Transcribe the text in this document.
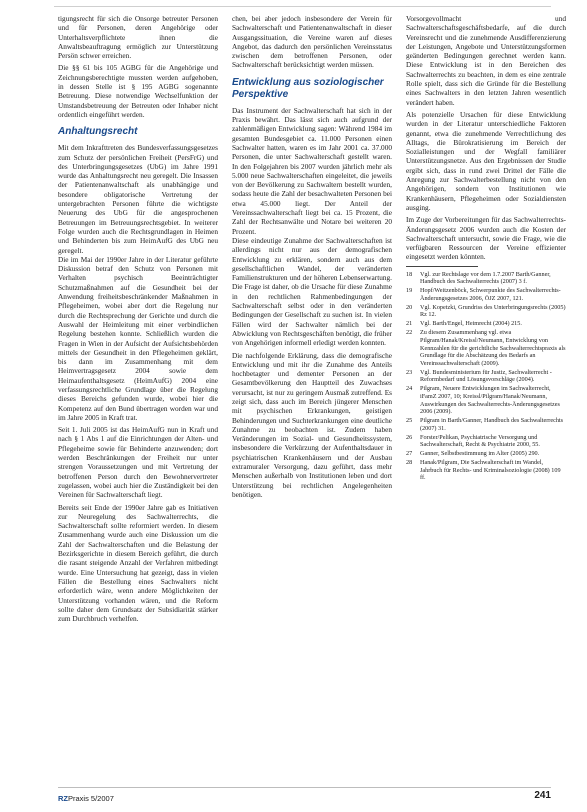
tigungsrecht für sich die Onsorge betreuter Personen und für Personen, deren Angehörige oder Unterhaltsverpflichtete ihnen die Anwaltsbeauftragung ermöglich zur Unterstützung Persön schwer erreichen.

Die §§ 61 bis 105 AGBG für die Angehörige und Zeichnungsberechtigte mussten werden aufgehoben, in dessen Stelle ist § 195 AGBG sogenannte Betreuung. Diese notwendige Wechselfunktion der Umstandsbetreuung der Betreuten oder Inhaber nicht ordentlich eingeführt werden.

Anhaltungsrecht

Mit dem Inkrafttreten des Bundesverfassungsgesetzes zum Schutz der persönlichen Freiheit (PersFrG) und des Unterbringungsgesetzes (UbG) im Jahre 1991 wurde das Anhaltungsrecht neu geregelt. Die Insassen der Patientenanwaltschaft als unabhängige und besondere obligatorische Vertretung der untergebrachten Personen führte die wichtigste Neuerung des UbG für die angesprochenen Betreuungen im Betreuungsrechtsgebiet. In weiterer Folge wurden auch die Rechtsgrundlagen in Heimen und Behinderten bis zum HeimAufG des UbG neu geregelt.

Die im Mai der 1990er Jahre in der Literatur geführte Diskussion betraf den Schutz von Personen mit Verhalten psychisch Beeinträchtigter Schutzmaßnahmen auf die Gesundheit bei der Anwendung freiheitsbeschränkender Maßnahmen in Pflegeheimen, wobei aber dort die Regelung nur durch die Rechtsprechung der Gerichte und durch die Auswahl der Heimleitung mit einer verbindlichen Regelung bestehen konnte. Schließlich wurden die Fragen in Wien in der Aufsicht der Aufsichtsbehörden mittels der Gesundheit in den Pflegeheimen geklärt, bis dann im Zusammenhang mit dem Heimvertragsgesetz 2004 sowie dem Heimaufenthaltsgesetz (HeimAufG) 2004 eine verfassungsrechtliche Grundlage über die Regelung dieses Bereichs gefunden wurde, wobei hier die Kompetenz auf den Bund übertragen worden war und im Jahre 2005 in Kraft trat.

Seit 1. Juli 2005 ist das HeimAufG nun in Kraft und nach § 1 Abs 1 auf die Einrichtungen der Alten- und Pflegeheime sowie für Behinderte anzuwenden; dort werden Beschränkungen der Freiheit nur unter strengen Voraussetzungen und mit Vertretung der betroffenen Person durch den Bewohnervertreter zugelassen, wobei auch hier die Zuständigkeit bei den Vereinen für Sachwalterschaft liegt.

Bereits seit Ende der 1990er Jahre gab es Initiativen zur Neuregelung des Sachwalterrechts, die Sachwalterschaft sollte reformiert werden. In diesem Zusammenhang wurde auch eine Diskussion um die Zahl der Sachwalterschaften und die Belastung der Bezirksgerichte in diesem Bereich geführt, die durch die rasant steigende Anzahl der Verfahren mitbedingt wurde. Eine Untersuchung hat gezeigt, dass in vielen Fällen die Bestellung eines Sachwalters nicht erforderlich wäre, wenn andere Möglichkeiten der Unterstützung vorhanden wären, und die Reform sollte daher dem Grundsatz der Subsidiarität stärker zum Durchbruch verhelfen.

chen, bei aber jedoch insbesondere der Verein für Sachwalterschaft und Patientenanwaltschaft in dieser Ausgangssituation, die Vereine waren auf dieses Angebot, das dadurch den persönlichen Vereinsstatus zwischen dem betroffenen Personen, oder Sachwalterschaft berücksichtigt werden müssen.

Entwicklung aus soziologischer Perspektive

Das Instrument der Sachwalterschaft hat sich in der Praxis bewährt. Das lässt sich auch aufgrund der zahlenmäßigen Entwicklung sagen: Während 1984 im gesamten Bundesgebiet ca. 11.000 Personen einen Sachwalter hatten, waren es im Jahr 2001 ca. 37.000 Personen, die unter Sachwalterschaft gestellt waren. In den Folgejahren bis 2007 wurden jährlich mehr als 5.000 neue Sachwalterschaften eingeleitet, die jeweils von der Bevölkerung zu Sachwaltern bestellt wurden, sodass heute die Zahl der besachwalteten Personen bei etwa 45.000 liegt. Der Anteil der Vereinssachwalterschaft liegt bei ca. 15 Prozent, die Zahl der Rechtsanwälte und Notare bei weiteren 20 Prozent.

Diese eindeutige Zunahme der Sachwalterschaften ist allerdings nicht nur aus der demografischen Entwicklung zu erklären, sondern auch aus dem gesellschaftlichen Wandel, der veränderten Familienstrukturen und der höheren Lebenserwartung. Die Frage ist daher, ob die Ursache für diese Zunahme in den rechtlichen Rahmenbedingungen der Sachwalterschaft selbst oder in den veränderten Bedingungen der Gesellschaft zu suchen ist. In vielen Fällen wird der Sachwalter nämlich bei der Abwicklung von Rechtsgeschäften benötigt, die früher von Angehörigen informell erledigt werden konnten.

Die nachfolgende Erklärung, dass die demografische Entwicklung und mit ihr die Zunahme des Anteils hochbetagter und dementer Personen an der Gesamtbevölkerung den Hauptteil des Zuwachses verursacht, ist nur zu geringem Ausmaß zutreffend. Es zeigt sich, dass auch im Bereich jüngerer Menschen mit psychischen Erkrankungen, geistigen Behinderungen und Suchterkrankungen eine deutliche Zunahme zu beobachten ist. Zudem haben Veränderungen im Sozial- und Gesundheitssystem, insbesondere die Verkürzung der Aufenthaltsdauer in psychiatrischen Krankenhäusern und der Ausbau extramuraler Versorgung, dazu geführt, dass mehr Menschen außerhalb von Institutionen leben und dort Unterstützung bei rechtlichen Angelegenheiten benötigen.

Vorsorgevollmacht und Sachwalterschaftsgeschäftsbedarfe, auf die durch Vereinsrecht und die zunehmende Ausdifferenzierung der Leistungen, Angebote und Unterstützungsformen geänderten Bedingungen gerechnet werden kann. Diese Entwicklung ist in den Bereichen des Sachwalterrechts zu beachten, in dem es eine zentrale Rolle spielt, dass sich die Gründe für die Bestellung eines Sachwalters in den letzten Jahren wesentlich verändert haben.

Als potenzielle Ursachen für diese Entwicklung wurden in der Literatur unterschiedliche Faktoren genannt, etwa die zunehmende Verrechtlichung des Alltags, die Bürokratisierung im Bereich der Sozialleistungen und der Wegfall familiärer Unterstützungsnetze. Aus den Ergebnissen der Studie ergibt sich, dass in rund zwei Drittel der Fälle die Anregung zur Sachwalterbestellung nicht von den Angehörigen, sondern von Institutionen wie Krankenhäusern, Pflegeheimen oder Sozialdiensten ausging.

Im Zuge der Vorbereitungen für das Sachwalterrechts-Änderungsgesetz 2006 wurden auch die Kosten der Sachwalterschaft untersucht, sowie die Frage, wie die verfügbaren Ressourcen der Vereine effizienter eingesetzt werden könnten.

18	Vgl. zur Rechtslage vor dem 1.7.2007 Barth/Ganner, Handbuch des Sachwalterrechts (2007) 3 f.
19	Hopf/Weitzenböck, Schwerpunkte des Sachwalterrechts-Änderungsgesetzes 2006, ÖJZ 2007, 121.
20	Vgl. Kopetzki, Grundriss des Unterbringungsrechts (2005) Rz 12.
21	Vgl. Barth/Engel, Heimrecht (2004) 215.
22	Zu diesem Zusammenhang vgl. etwa Pilgram/Hanak/Kreissl/Neumann, Entwicklung von Kennzahlen für die gerichtliche Sachwalterrechtspraxis als Grundlage für die Abschätzung des Bedarfs an Vereinssachwalterschaft (2009).
23	Vgl. Bundesministerium für Justiz, Sachwalterrecht - Reformbedarf und Lösungsvorschläge (2004).
24	Pilgram, Neuere Entwicklungen im Sachwalterrecht, iFamZ 2007, 10; Kreissl/Pilgram/Hanak/Neumann, Auswirkungen des Sachwalterrechts-Änderungsgesetzes 2006 (2009).
25	Pilgram in Barth/Ganner, Handbuch des Sachwalterrechts (2007) 31.
26	Forster/Pelikan, Psychiatrische Versorgung und Sachwalterschaft, Recht & Psychiatrie 2000, 55.
27	Ganner, Selbstbestimmung im Alter (2005) 290.
28	Hanak/Pilgram, Die Sachwalterschaft im Wandel, Jahrbuch für Rechts- und Kriminalsoziologie (2008) 109 ff.
RZPraxis 5/2007	241
